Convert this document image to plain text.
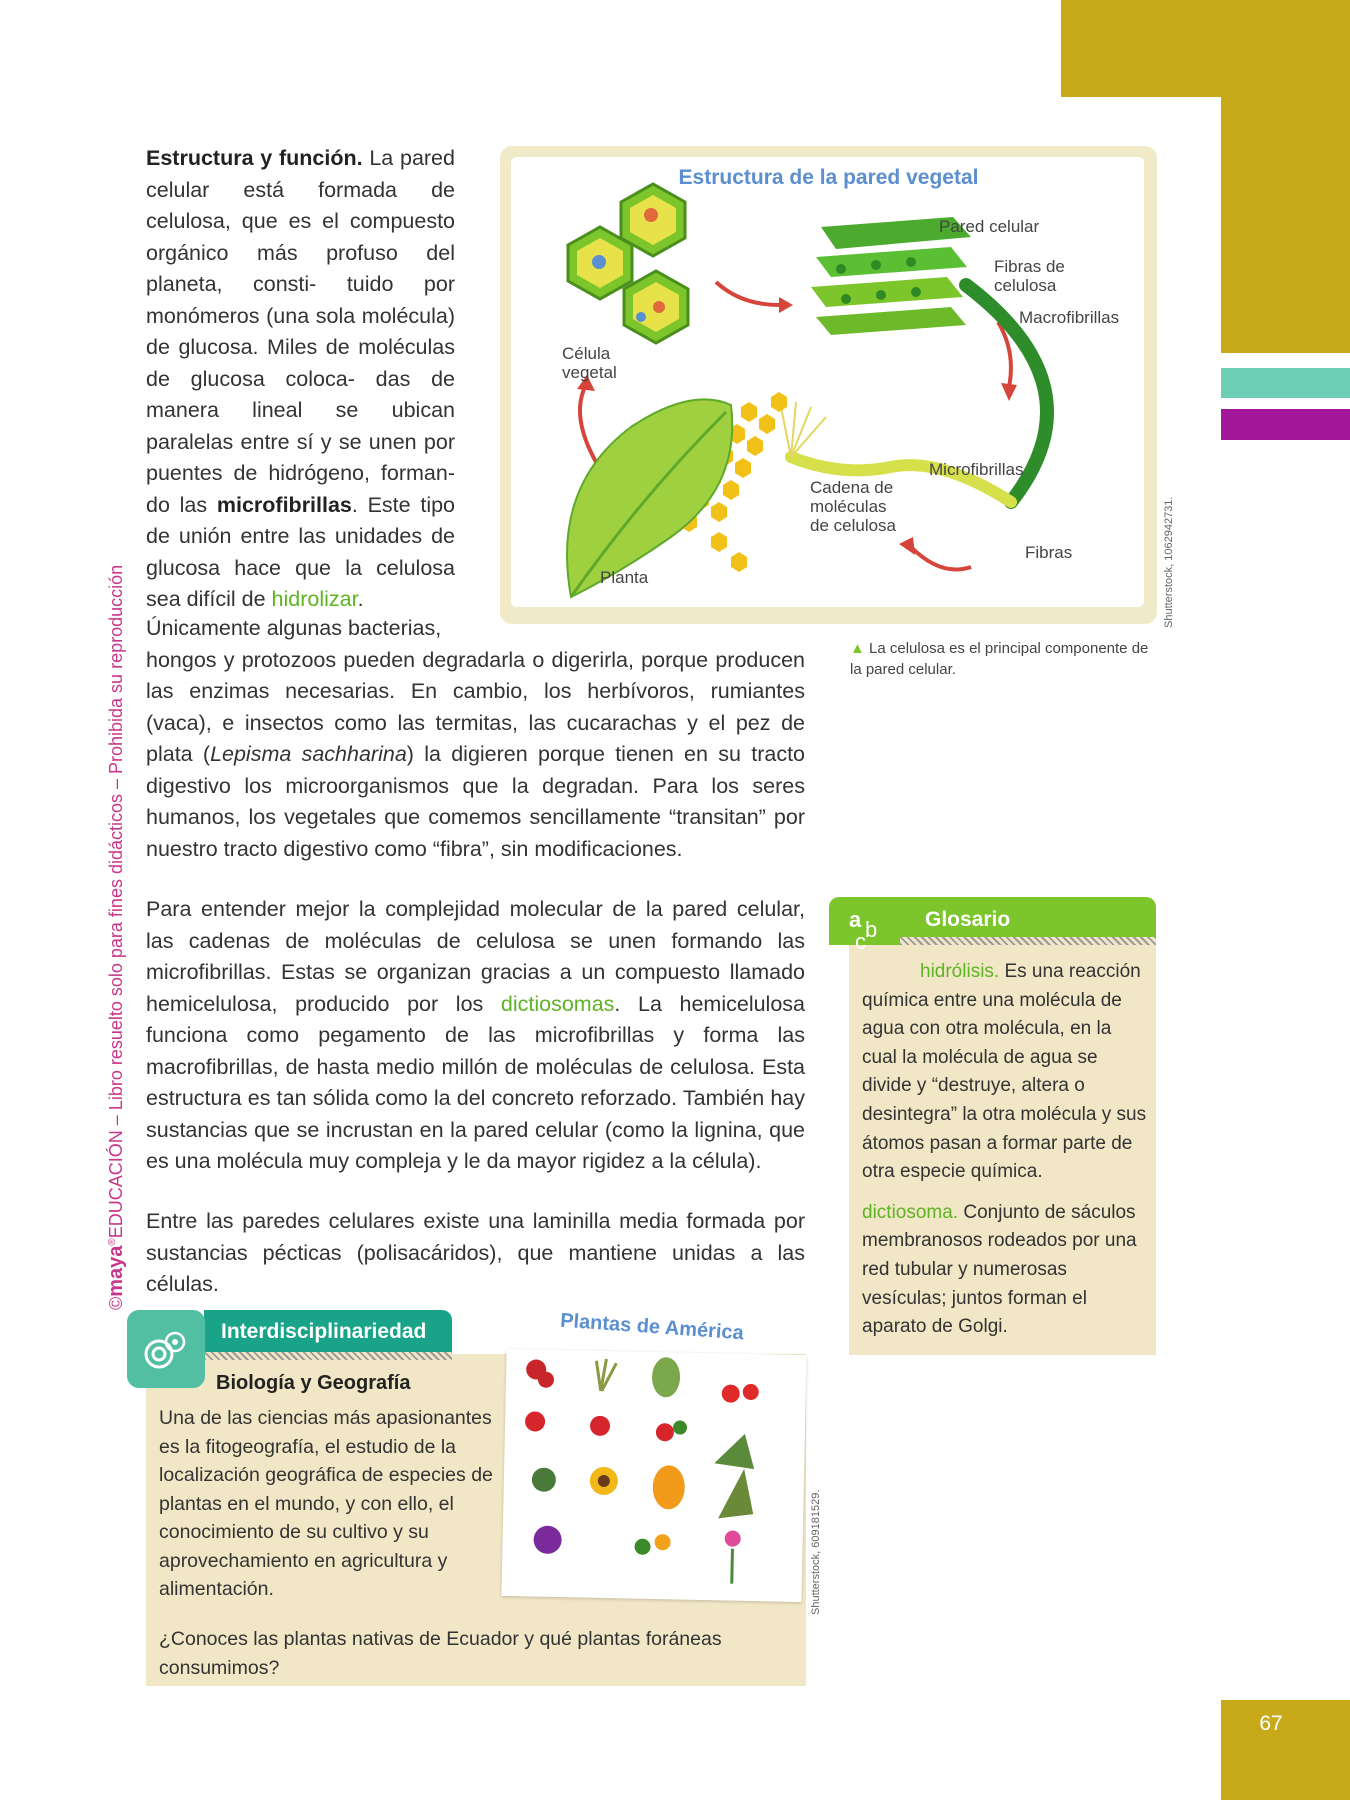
67
©maya®EDUCACIÓN – Libro resuelto solo para fines didácticos – Prohibida su reproducción

Estructura y función. La pared celular está formada de celulosa, que es el compuesto orgánico más profuso del planeta, consti- tuido por monómeros (una sola molécula) de glucosa. Miles de moléculas de glucosa coloca- das de manera lineal se ubican paralelas entre sí y se unen por puentes de hidrógeno, forman- do las microfibrillas. Este tipo de unión entre las unidades de glucosa hace que la celulosa sea difícil de hidrolizar.

Únicamente algunas bacterias,

hongos y protozoos pueden degradarla o digerirla, porque producen las enzimas necesarias. En cambio, los herbívoros, rumiantes (vaca), e insectos como las termitas, las cucarachas y el pez de plata (Lepisma sachharina) la digieren porque tienen en su tracto digestivo los microorganismos que la degradan. Para los seres humanos, los vegetales que comemos sencillamente “transitan” por nuestro tracto digestivo como “fibra”, sin modificaciones.

Para entender mejor la complejidad molecular de la pared celular, las cadenas de moléculas de celulosa se unen formando las microfibrillas. Estas se organizan gracias a un compuesto llamado hemicelulosa, producido por los dictiosomas. La hemicelulosa funciona como pegamento de las microfibrillas y forma las macrofibrillas, de hasta medio millón de moléculas de celulosa. Esta estructura es tan sólida como la del concreto reforzado. También hay sustancias que se incrustan en la pared celular (como la lignina, que es una molécula muy compleja y le da mayor rigidez a la célula).

Entre las paredes celulares existe una laminilla media formada por sustancias pécticas (polisacáridos), que mantiene unidas a las células.

Estructura de la pared vegetal
Pared celular
Fibras de celulosa
Macrofibrillas
Célula vegetal
Microfibrillas
Cadena de moléculas de celulosa
Fibras
Planta	Shutterstock, 1062942731.
▲ La celulosa es el principal componente de la pared celular.
Glosario
a b
c
hidrólisis. Es una reacción química entre una molécula de agua con otra molécula, en la cual la molécula de agua se divide y “destruye, altera o desintegra” la otra molécula y sus átomos pasan a formar parte de otra especie química.
dictiosoma. Conjunto de sáculos membranosos rodeados por una red tubular y numerosas vesículas; juntos forman el aparato de Golgi.
Interdisciplinariedad
Biología y Geografía
Una de las ciencias más apasionantes es la fitogeografía, el estudio de la localización geográfica de especies de plantas en el mundo, y con ello, el conocimiento de su cultivo y su aprovechamiento en agricultura y alimentación.
¿Conoces las plantas nativas de Ecuador y qué plantas foráneas consumimos?
Plantas de América
Shutterstock, 609181529.
